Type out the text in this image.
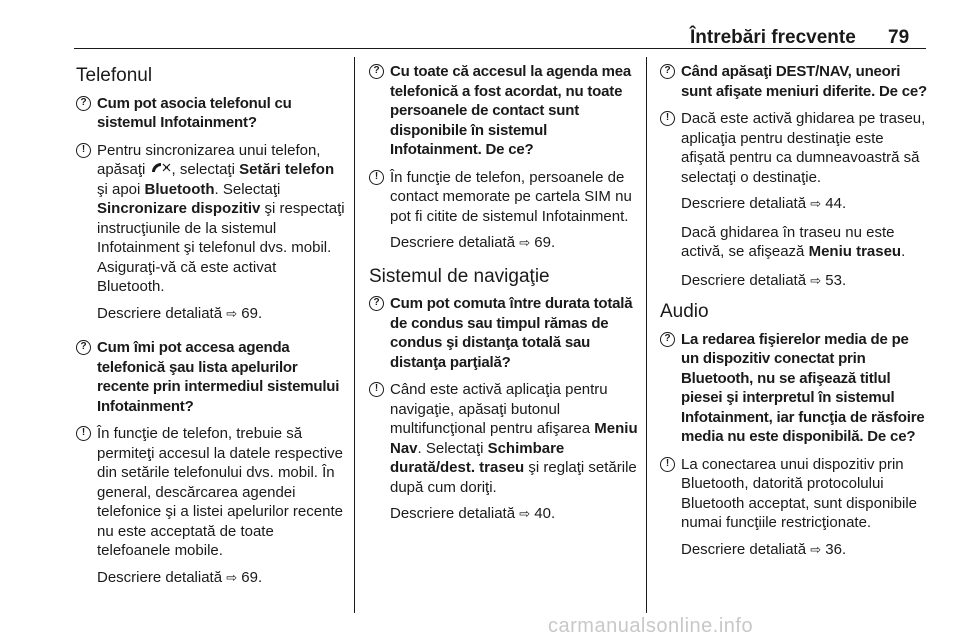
Întrebări frecvente 79
Telefonul
? Cum pot asocia telefonul cu sistemul Infotainment?
! Pentru sincronizarea unui telefon, apăsaţi , selectaţi Setări telefon şi apoi Bluetooth. Selectaţi Sincronizare dispozitiv şi respectaţi instrucţiunile de la sistemul Infotainment şi telefonul dvs. mobil. Asiguraţi-vă că este activat Bluetooth.
Descriere detaliată ⇨ 69.
? Cum îmi pot accesa agenda telefonică şau lista apelurilor recente prin intermediul sistemului Infotainment?
! În funcţie de telefon, trebuie să permiteţi accesul la datele respective din setările telefonului dvs. mobil. În general, descărcarea agendei telefonice şi a listei apelurilor recente nu este acceptată de toate telefoanele mobile.
Descriere detaliată ⇨ 69.
? Cu toate că accesul la agenda mea telefonică a fost acordat, nu toate persoanele de contact sunt disponibile în sistemul Infotainment. De ce?
! În funcţie de telefon, persoanele de contact memorate pe cartela SIM nu pot fi citite de sistemul Infotainment.
Descriere detaliată ⇨ 69.
Sistemul de navigaţie
? Cum pot comuta între durata totală de condus sau timpul rămas de condus şi distanţa totală sau distanţa parţială?
! Când este activă aplicaţia pentru navigaţie, apăsaţi butonul multifuncţional pentru afişarea Meniu Nav. Selectaţi Schimbare durată/dest. traseu şi reglaţi setările după cum doriţi.
Descriere detaliată ⇨ 40.
? Când apăsaţi DEST/NAV, uneori sunt afişate meniuri diferite. De ce?
! Dacă este activă ghidarea pe traseu, aplicaţia pentru destinaţie este afişată pentru ca dumneavoastră să selectaţi o destinaţie.
Descriere detaliată ⇨ 44.
Dacă ghidarea în traseu nu este activă, se afişează Meniu traseu.
Descriere detaliată ⇨ 53.
Audio
? La redarea fişierelor media de pe un dispozitiv conectat prin Bluetooth, nu se afişează titlul piesei şi interpretul în sistemul Infotainment, iar funcţia de răsfoire media nu este disponibilă. De ce?
! La conectarea unui dispozitiv prin Bluetooth, datorită protocolului Bluetooth acceptat, sunt disponibile numai funcţiile restricţionate.
Descriere detaliată ⇨ 36.
carmanualsonline.info
